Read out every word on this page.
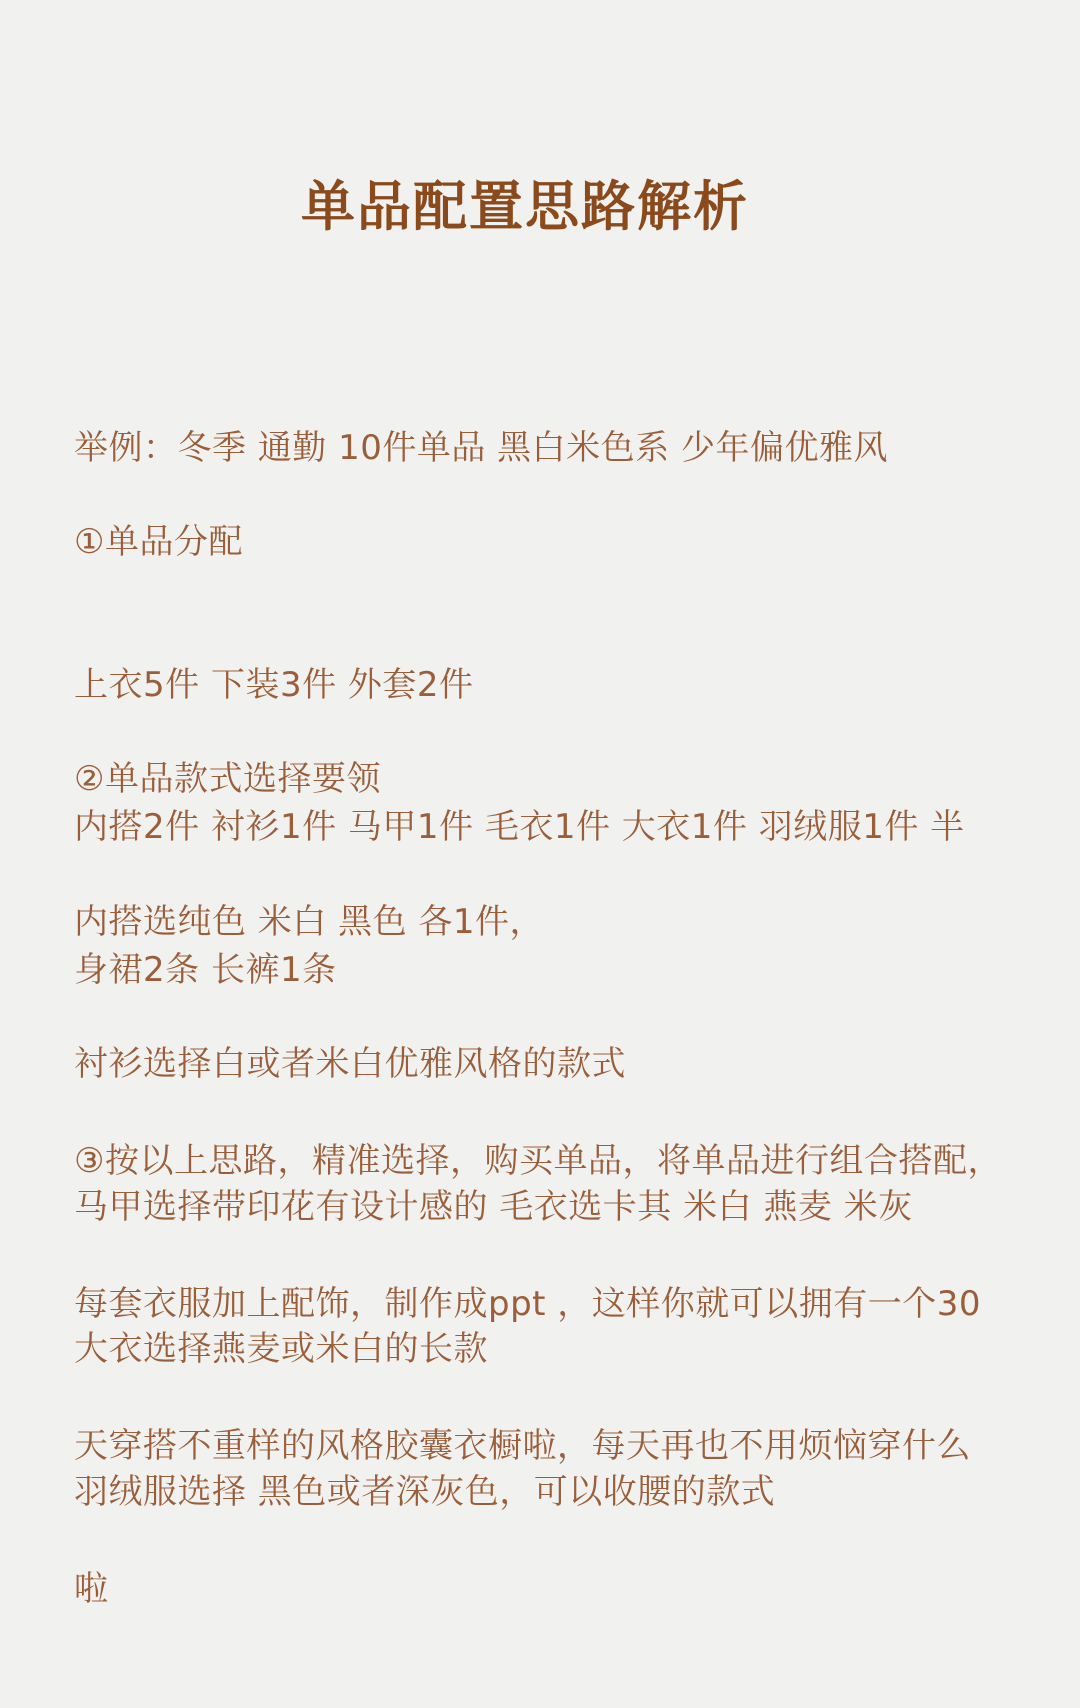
单品配置思路解析

举例：冬季 通勤 10件单品 黑白米色系 少年偏优雅风

①单品分配

上衣5件 下装3件 外套2件

内搭2件 衬衫1件 马甲1件 毛衣1件 大衣1件 羽绒服1件 半

身裙2条 长裤1条

②单品款式选择要领

内搭选纯色 米白 黑色 各1件，

衬衫选择白或者米白优雅风格的款式

马甲选择带印花有设计感的 毛衣选卡其 米白 燕麦 米灰

大衣选择燕麦或米白的长款

羽绒服选择 黑色或者深灰色，可以收腰的款式

③按以上思路，精准选择，购买单品，将单品进行组合搭配，

每套衣服加上配饰，制作成ppt ，这样你就可以拥有一个30

天穿搭不重样的风格胶囊衣橱啦，每天再也不用烦恼穿什么

啦
